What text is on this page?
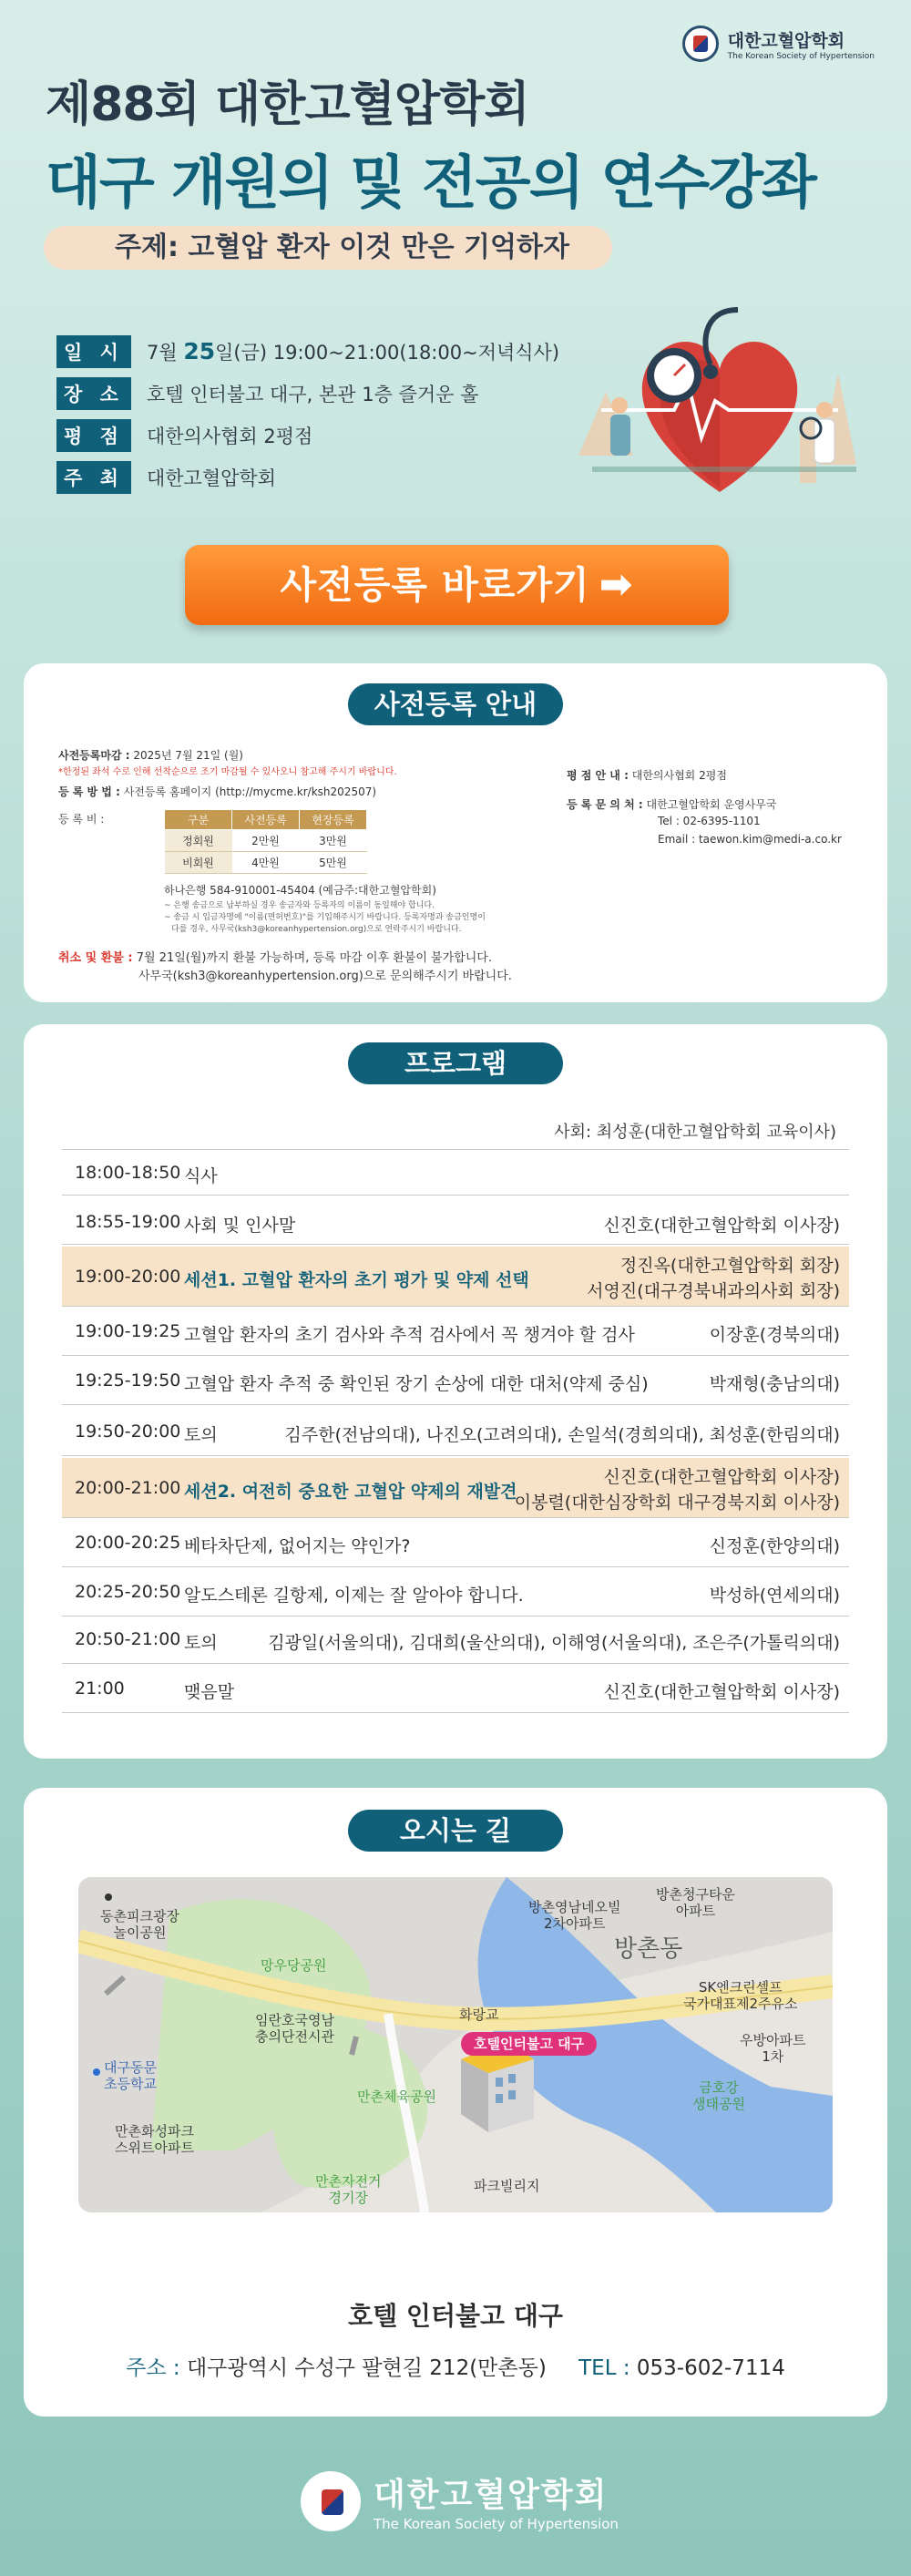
대한고혈압학회
The Korean Society of Hypertension
제88회 대한고혈압학회
대구 개원의 및 전공의 연수강좌
주제: 고혈압 환자 이것 만은 기억하자
일 시 7월 25일(금) 19:00~21:00(18:00~저녁식사)
장 소 호텔 인터불고 대구, 본관 1층 즐거운 홀
평 점 대한의사협회 2평점
주 최 대한고혈압학회
사전등록 바로가기 ➡
사전등록 안내
사전등록마감 : 2025년 7월 21일 (월)
*한정된 좌석 수로 인해 선착순으로 조기 마감될 수 있사오니 참고해 주시기 바랍니다.
등 록 방 법 : 사전등록 홈페이지 (http://mycme.kr/ksh202507)
등 록 비 :	구분	사전등록	현장등록
정회원	2만원	3만원
비회원	4만원	5만원
하나은행 584-910001-45404 (예금주:대한고혈압학회)
~ 은행 송금으로 납부하실 경우 송금자와 등록자의 이름이 동일해야 합니다.
~ 송금 시 입금자명에 "이름(면허번호)"를 기입해주시기 바랍니다. 등록자명과 송금인명이
다를 경우, 사무국(ksh3@koreanhypertension.org)으로 연락주시기 바랍니다.
취소 및 환불 : 7월 21일(월)까지 환불 가능하며, 등록 마감 이후 환불이 불가합니다.
사무국(ksh3@koreanhypertension.org)으로 문의해주시기 바랍니다.
평 점 안 내 : 대한의사협회 2평점
등 록 문 의 처 : 대한고혈압학회 운영사무국
Tel : 02-6395-1101
Email : taewon.kim@medi-a.co.kr
프로그램
사회: 최성훈(대한고혈압학회 교육이사)
18:00-18:50 식사
18:55-19:00 사회 및 인사말	신진호(대한고혈압학회 이사장)
19:00-20:00 세션1. 고혈압 환자의 초기 평가 및 약제 선택
정진옥(대한고혈압학회 회장)
서영진(대구경북내과의사회 회장)
19:00-19:25 고혈압 환자의 초기 검사와 추적 검사에서 꼭 챙겨야 할 검사	이장훈(경북의대)
19:25-19:50 고혈압 환자 추적 중 확인된 장기 손상에 대한 대처(약제 중심)	박재형(충남의대)
19:50-20:00 토의	김주한(전남의대), 나진오(고려의대), 손일석(경희의대), 최성훈(한림의대)
20:00-21:00 세션2. 여전히 중요한 고혈압 약제의 재발견
신진호(대한고혈압학회 이사장)
이봉렬(대한심장학회 대구경북지회 이사장)
20:00-20:25 베타차단제, 없어지는 약인가?	신정훈(한양의대)
20:25-20:50 알도스테론 길항제, 이제는 잘 알아야 합니다.	박성하(연세의대)
20:50-21:00 토의	김광일(서울의대), 김대희(울산의대), 이해영(서울의대), 조은주(가톨릭의대)
21:00	맺음말	신진호(대한고혈압학회 이사장)
오시는 길
동촌피크광장
놀이공원
망우당공원
임란호국영남
충의단전시관
대구동문
초등학교
만촌화성파크
스위트아파트
만촌체육공원
만촌자전거
경기장
파크빌리지
화랑교
방촌영남네오빌
2차아파트
방촌청구타운
아파트
방촌동
SK엔크린셀프
국가대표제2주유소
우방아파트
1차
금호강
생태공원
호텔인터불고 대구
호텔 인터불고 대구
주소 : 대구광역시 수성구 팔현길 212(만촌동) TEL : 053-602-7114
대한고혈압학회
The Korean Society of Hypertension
